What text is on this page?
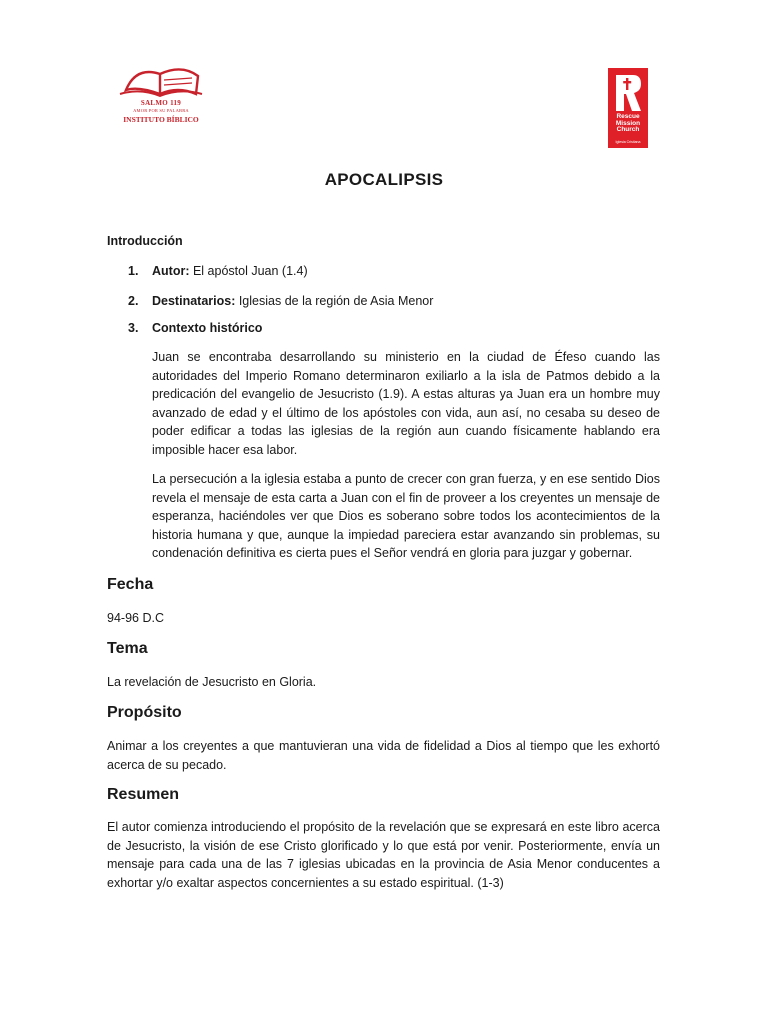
SALMO 119
AMOR POR SU PALABRA
INSTITUTO BÍBLICO	Rescue
Mission
Church
Iglesia Cristiana
APOCALIPSIS
Introducción
1. Autor: El apóstol Juan (1.4)
2. Destinatarios: Iglesias de la región de Asia Menor
3. Contexto histórico
Juan se encontraba desarrollando su ministerio en la ciudad de Éfeso cuando las autoridades del Imperio Romano determinaron exiliarlo a la isla de Patmos debido a la predicación del evangelio de Jesucristo (1.9). A estas alturas ya Juan era un hombre muy avanzado de edad y el último de los apóstoles con vida, aun así, no cesaba su deseo de poder edificar a todas las iglesias de la región aun cuando físicamente hablando era imposible hacer esa labor.
La persecución a la iglesia estaba a punto de crecer con gran fuerza, y en ese sentido Dios revela el mensaje de esta carta a Juan con el fin de proveer a los creyentes un mensaje de esperanza, haciéndoles ver que Dios es soberano sobre todos los acontecimientos de la historia humana y que, aunque la impiedad pareciera estar avanzando sin problemas, su condenación definitiva es cierta pues el Señor vendrá en gloria para juzgar y gobernar.
Fecha
94-96 D.C
Tema
La revelación de Jesucristo en Gloria.
Propósito
Animar a los creyentes a que mantuvieran una vida de fidelidad a Dios al tiempo que les exhortó acerca de su pecado.
Resumen
El autor comienza introduciendo el propósito de la revelación que se expresará en este libro acerca de Jesucristo, la visión de ese Cristo glorificado y lo que está por venir. Posteriormente, envía un mensaje para cada una de las 7 iglesias ubicadas en la provincia de Asia Menor conducentes a exhortar y/o exaltar aspectos concernientes a su estado espiritual. (1-3)
